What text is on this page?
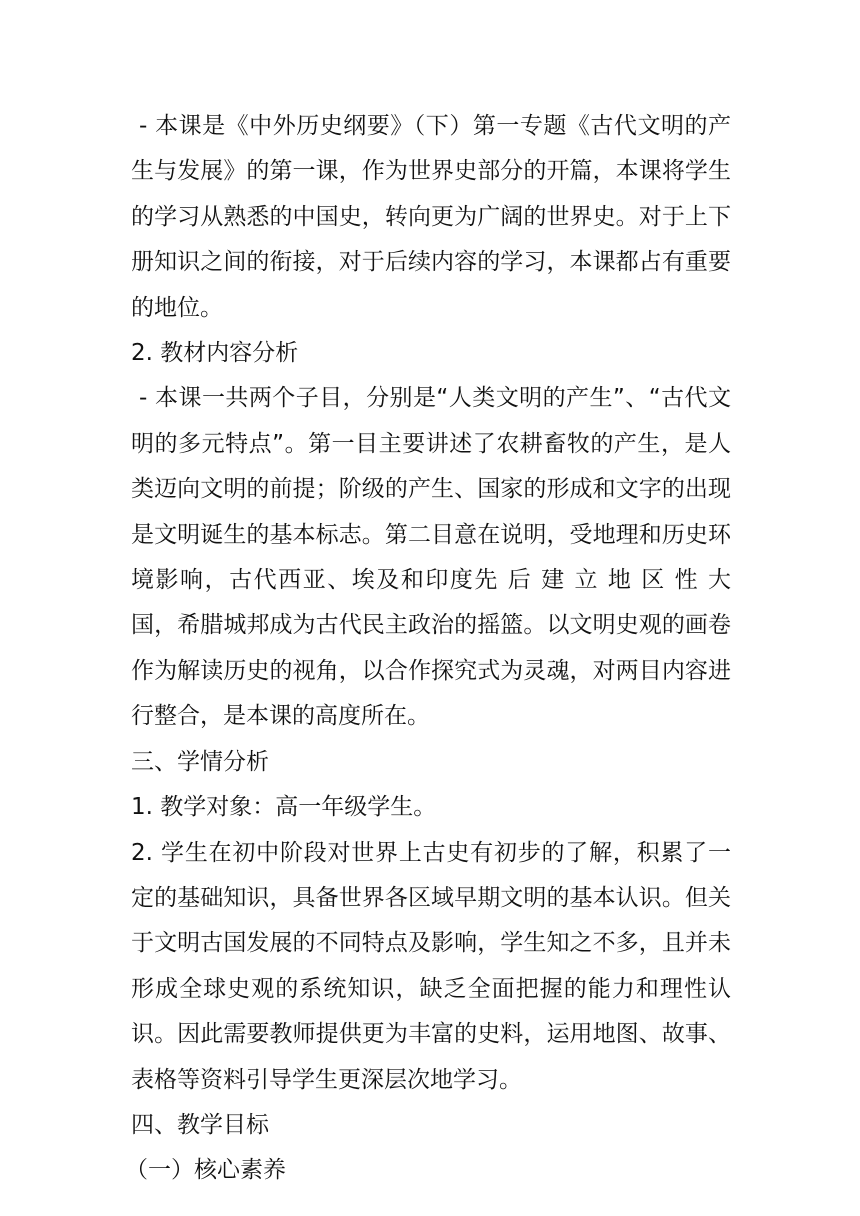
- 本课是《中外历史纲要》（下）第一专题《古代文明的产生与发展》的第一课，作为世界史部分的开篇，本课将学生的学习从熟悉的中国史，转向更为广阔的世界史。对于上下册知识之间的衔接，对于后续内容的学习，本课都占有重要的地位。

2. 教材内容分析

- 本课一共两个子目，分别是“人类文明的产生”、“古代文明的多元特点”。第一目主要讲述了农耕畜牧的产生，是人类迈向文明的前提；阶级的产生、国家的形成和文字的出现是文明诞生的基本标志。第二目意在说明，受地理和历史环境影响，古代西亚、埃及和印度先 后 建 立 地 区 性 大 国，希腊城邦成为古代民主政治的摇篮。以文明史观的画卷作为解读历史的视角，以合作探究式为灵魂，对两目内容进行整合，是本课的高度所在。

三、学情分析

1. 教学对象：高一年级学生。

2. 学生在初中阶段对世界上古史有初步的了解，积累了一定的基础知识，具备世界各区域早期文明的基本认识。但关于文明古国发展的不同特点及影响，学生知之不多，且并未形成全球史观的系统知识，缺乏全面把握的能力和理性认识。因此需要教师提供更为丰富的史料，运用地图、故事、表格等资料引导学生更深层次地学习。

四、教学目标

（一）核心素养
